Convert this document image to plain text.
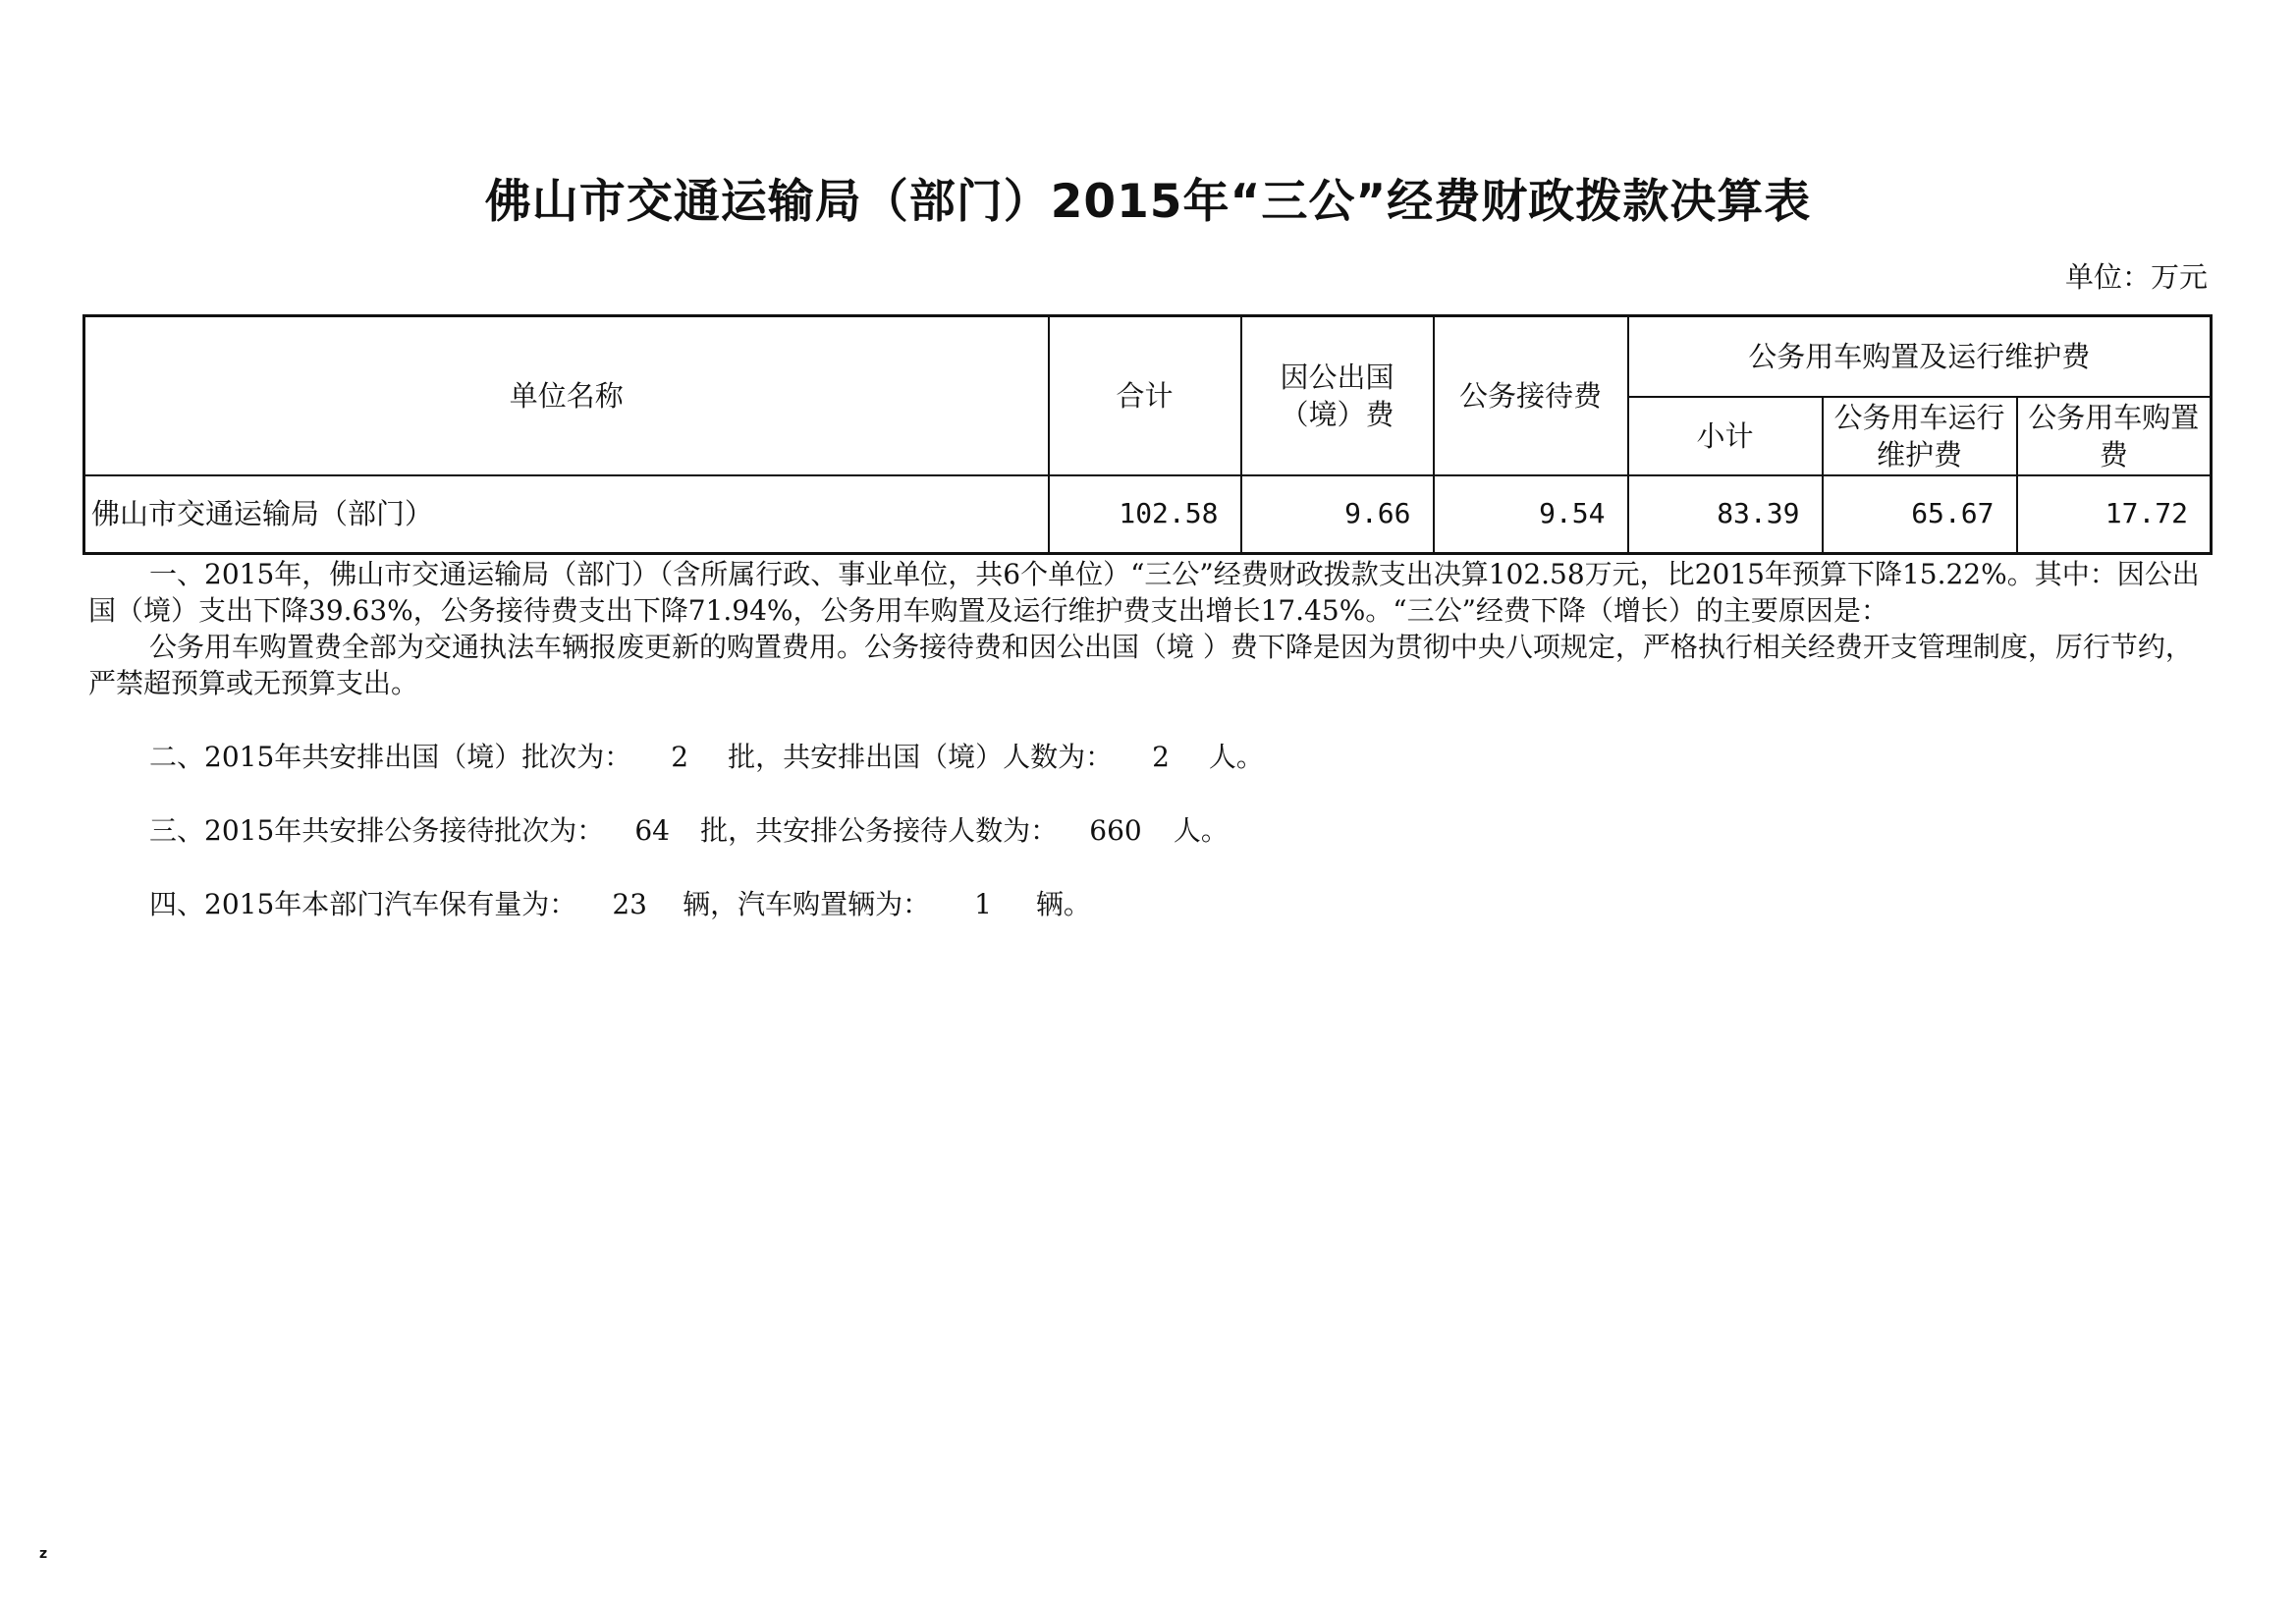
佛山市交通运输局（部门）2015年“三公”经费财政拨款决算表
单位：万元
单位名称	合计	因公出国（境）费	公务接待费	公务用车购置及运行维护费		
				小计	公务用车运行维护费	公务用车购置费
佛山市交通运输局（部门）	102.58	9.66	9.54	83.39	65.67	17.72

一、2015年，佛山市交通运输局（部门）（含所属行政、事业单位，共6个单位）“三公”经费财政拨款支出决算102.58万元，比2015年预算下降15.22%。其中：因公出国（境）支出下降39.63%，公务接待费支出下降71.94%，公务用车购置及运行维护费支出增长17.45%。“三公”经费下降（增长）的主要原因是：

公务用车购置费全部为交通执法车辆报废更新的购置费用。公务接待费和因公出国（境 ）费下降是因为贯彻中央八项规定，严格执行相关经费开支管理制度，厉行节约，严禁超预算或无预算支出。

二、2015年共安排出国（境）批次为： 2 批，共安排出国（境）人数为： 2 人。

三、2015年共安排公务接待批次为： 64 批，共安排公务接待人数为： 660 人。

四、2015年本部门汽车保有量为： 23 辆，汽车购置辆为： 1 辆。

z
